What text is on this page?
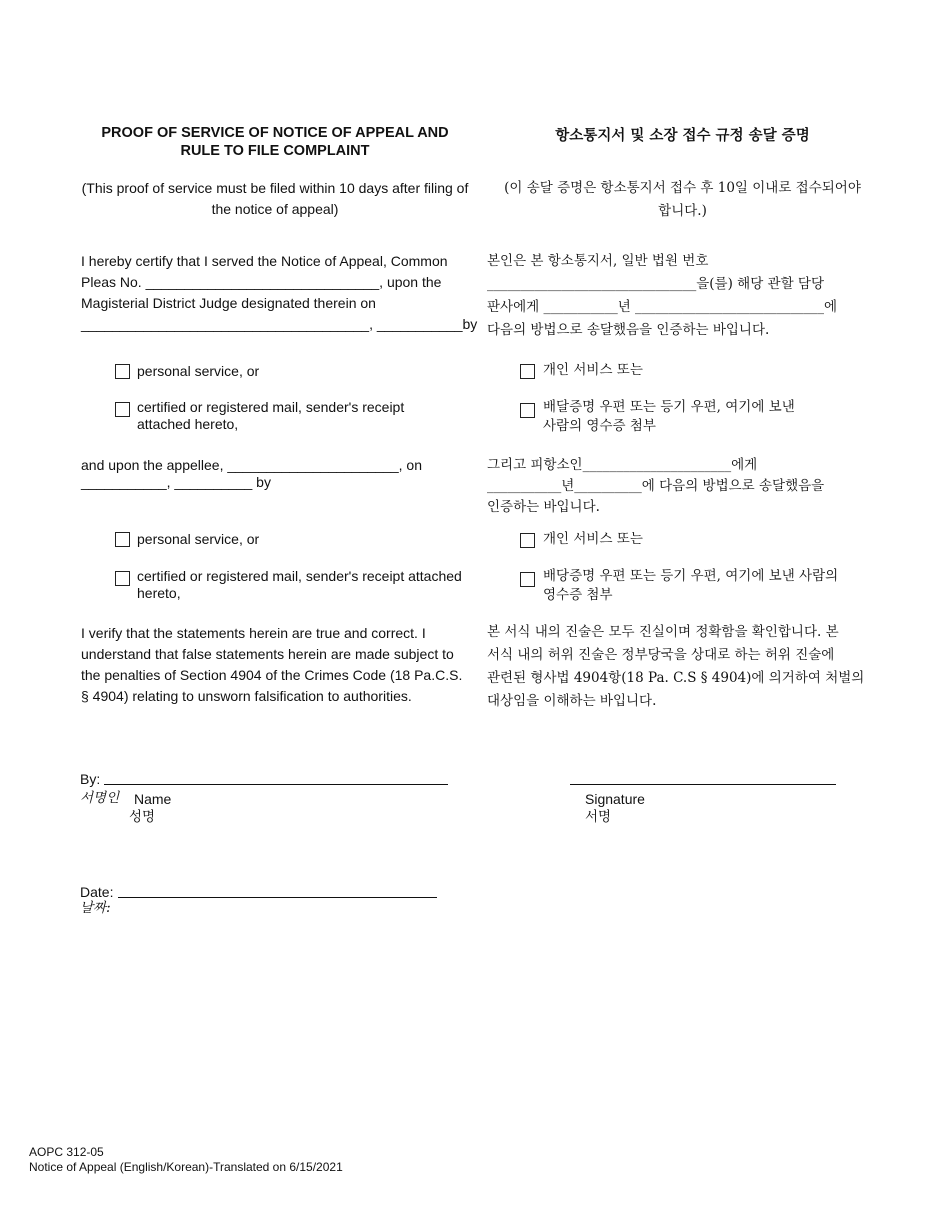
PROOF OF SERVICE OF NOTICE OF APPEAL AND
RULE TO FILE COMPLAINT
(This proof of service must be filed within 10 days after filing of
the notice of appeal)
I hereby certify that I served the Notice of Appeal, Common
Pleas No. ______________________________, upon the
Magisterial District Judge designated therein on
_____________________________________, ___________by
personal service, or
certified or registered mail, sender's receipt
attached hereto,
and upon the appellee, ______________________, on
___________, __________ by
personal service, or
certified or registered mail, sender's receipt attached
hereto,
I verify that the statements herein are true and correct. I
understand that false statements herein are made subject to
the penalties of Section 4904 of the Crimes Code (18 Pa.C.S.
§ 4904) relating to unsworn falsification to authorities.
항소통지서 및 소장 접수 규정 송달 증명
(이 송달 증명은 항소통지서 접수 후 10일 이내로 접수되어야
합니다.)
본인은 본 항소통지서, 일반 법원 번호
_______________________________을(를) 해당 관할 담당
판사에게 ___________년 ____________________________에
다음의 방법으로 송달했음을 인증하는 바입니다.
개인 서비스 또는
배달증명 우편 또는 등기 우편, 여기에 보낸
사람의 영수증 첨부
그리고 피항소인______________________에게
___________년__________에 다음의 방법으로 송달했음을
인증하는 바입니다.
개인 서비스 또는
배당증명 우편 또는 등기 우편, 여기에 보낸 사람의
영수증 첨부
본 서식 내의 진술은 모두 진실이며 정확함을 확인합니다. 본
서식 내의 허위 진술은 정부당국을 상대로 하는 허위 진술에
관련된 형사법 4904항(18 Pa. C.S § 4904)에 의거하여 처벌의
대상임을 이해하는 바입니다.
By:
서명인 Name
성명
Signature
서명
Date:
날짜:
AOPC 312-05
Notice of Appeal (English/Korean)-Translated on 6/15/2021
